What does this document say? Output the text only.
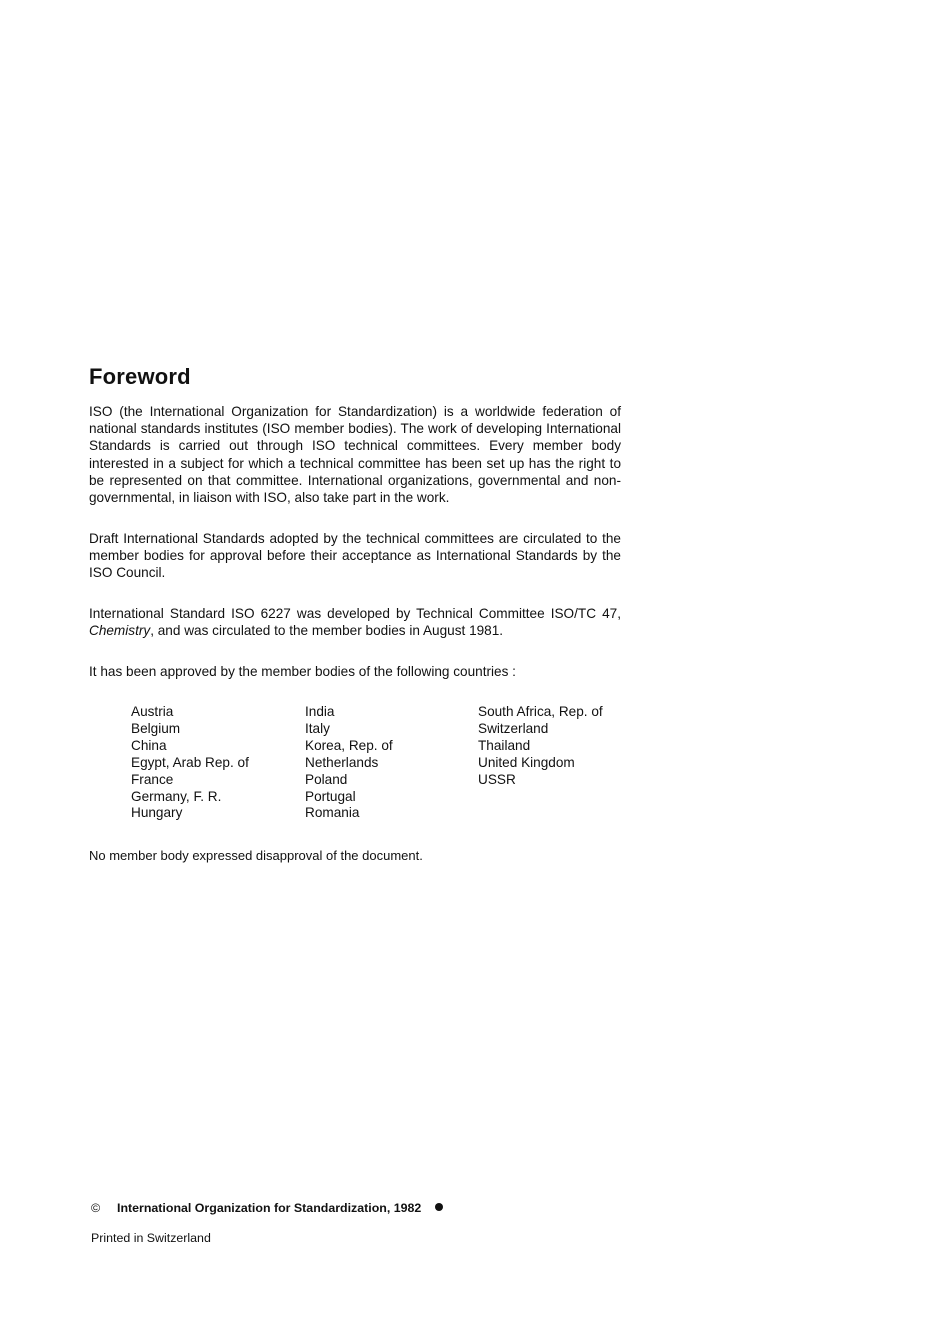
Foreword

ISO (the International Organization for Standardization) is a worldwide federation of national standards institutes (ISO member bodies). The work of developing International Standards is carried out through ISO technical committees. Every member body interested in a subject for which a technical committee has been set up has the right to be represented on that committee. International organizations, governmental and non-governmental, in liaison with ISO, also take part in the work.

Draft International Standards adopted by the technical committees are circulated to the member bodies for approval before their acceptance as International Standards by the ISO Council.

International Standard ISO 6227 was developed by Technical Committee ISO/TC 47, Chemistry, and was circulated to the member bodies in August 1981.

It has been approved by the member bodies of the following countries :

Austria
Belgium
China
Egypt, Arab Rep. of
France
Germany, F. R.
Hungary
India
Italy
Korea, Rep. of
Netherlands
Poland
Portugal
Romania
South Africa, Rep. of
Switzerland
Thailand
United Kingdom
USSR

No member body expressed disapproval of the document.

© International Organization for Standardization, 1982
Printed in Switzerland
